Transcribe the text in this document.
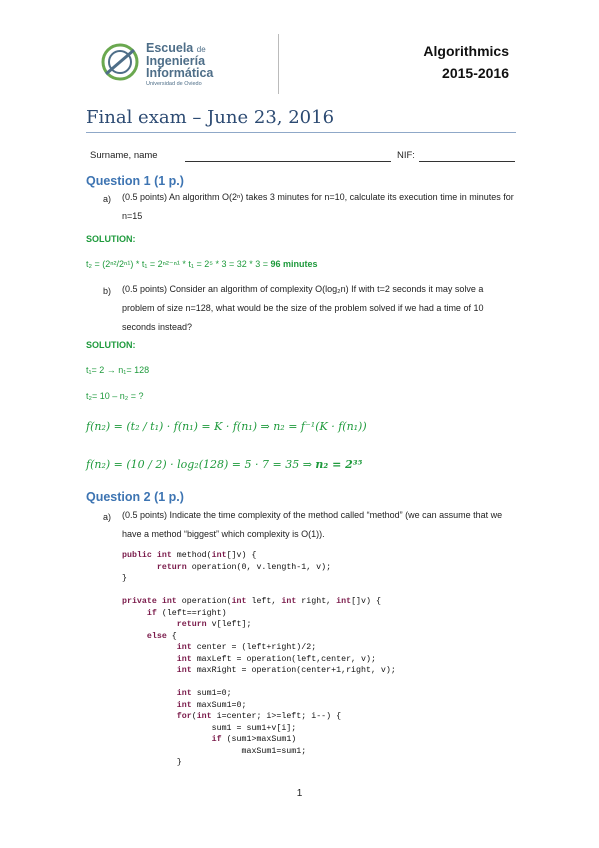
Escuela de
Ingeniería
Informática
Universidad de Oviedo
Algorithmics
2015-2016
Final exam – June 23, 2016
Surname, name	NIF:
Question 1 (1 p.)
a) (0.5 points) An algorithm O(2ⁿ) takes 3 minutes for n=10, calculate its execution time in minutes for n=15
SOLUTION:
t₂ = (2ⁿ²/2ⁿ¹) * t₁ = 2ⁿ²⁻ⁿ¹ * t₁ = 2⁵ * 3 = 32 * 3 = 96 minutes
b) (0.5 points) Consider an algorithm of complexity O(log₂n) If with t=2 seconds it may solve a problem of size n=128, what would be the size of the problem solved if we had a time of 10 seconds instead?
SOLUTION:
t₁= 2 → n₁= 128
t₂= 10 – n₂ = ?
f(n₂) = (t₂ / t₁) · f(n₁) = K · f(n₁) ⇒ n₂ = f⁻¹(K · f(n₁))
f(n₂) = (10 / 2) · log₂(128) = 5 · 7 = 35 ⇒ n₂ = 2³⁵
Question 2 (1 p.)
a) (0.5 points) Indicate the time complexity of the method called “method” (we can assume that we have a method “biggest” which complexity is O(1)).
public int method(int[]v) {
return operation(0, v.length-1, v);
}

private int operation(int left, int right, int[]v) {
if (left==right)
return v[left];
else {
int center = (left+right)/2;
int maxLeft = operation(left,center, v);
int maxRight = operation(center+1,right, v);

int sum1=0;
int maxSum1=0;
for(int i=center; i>=left; i--) {
sum1 = sum1+v[i];
if (sum1>maxSum1)
maxSum1=sum1;
}
1
